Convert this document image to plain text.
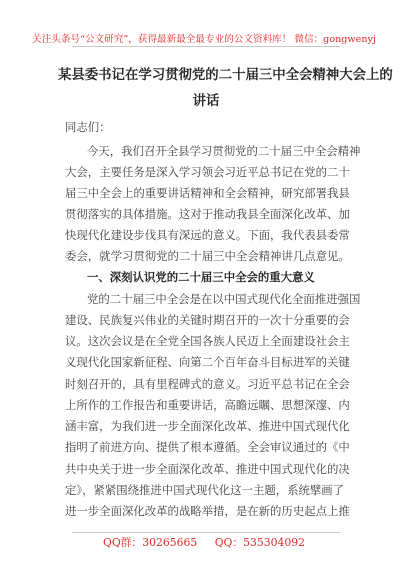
关注头条号“公文研究”，获得最新最全最专业的公文资料库！ 微信：gongwenyj
某县委书记在学习贯彻党的二十届三中全会精神大会上的
讲话
同志们：
今天，我们召开全县学习贯彻党的二十届三中全会精神
大会，主要任务是深入学习领会习近平总书记在党的二十
届三中全会上的重要讲话精神和全会精神，研究部署我县
贯彻落实的具体措施。这对于推动我县全面深化改革、加
快现代化建设步伐具有深远的意义。下面，我代表县委常
委会，就学习贯彻党的二十届三中全会精神讲几点意见。
一、深刻认识党的二十届三中全会的重大意义
党的二十届三中全会是在以中国式现代化全面推进强国
建设、民族复兴伟业的关键时期召开的一次十分重要的会
议。这次会议是在全党全国各族人民迈上全面建设社会主
义现代化国家新征程、向第二个百年奋斗目标进军的关键
时刻召开的，具有里程碑式的意义。习近平总书记在全会
上所作的工作报告和重要讲话，高瞻远瞩、思想深邃、内
涵丰富，为我们进一步全面深化改革、推进中国式现代化
指明了前进方向、提供了根本遵循。全会审议通过的《中
共中央关于进一步全面深化改革、推进中国式现代化的决
定》，紧紧围绕推进中国式现代化这一主题，系统擘画了
进一步全面深化改革的战略举措，是在新的历史起点上推
QQ群：30265665 QQ：535304092
